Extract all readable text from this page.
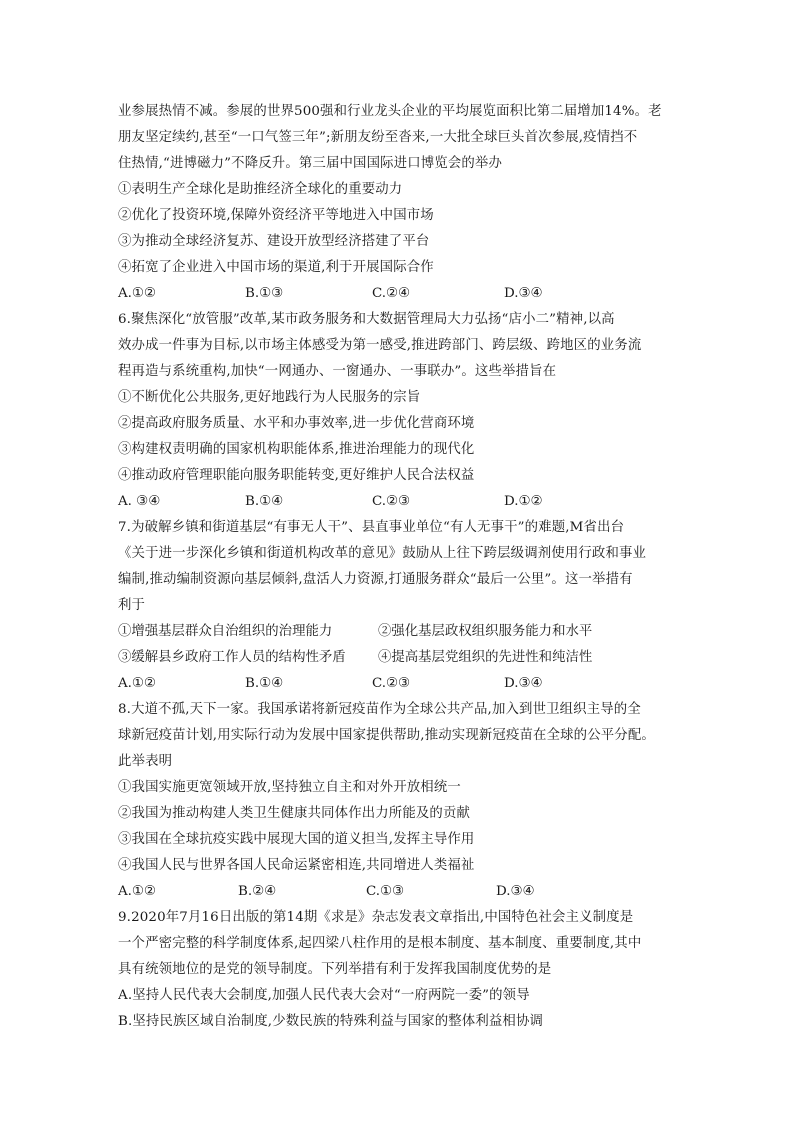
业参展热情不减。参展的世界500强和行业龙头企业的平均展览面积比第二届增加14%。老
朋友坚定续约,甚至“一口气签三年”;新朋友纷至沓来,一大批全球巨头首次参展,疫情挡不
住热情,“进博磁力”不降反升。第三届中国国际进口博览会的举办
①表明生产全球化是助推经济全球化的重要动力
②优化了投资环境,保障外资经济平等地进入中国市场
③为推动全球经济复苏、建设开放型经济搭建了平台
④拓宽了企业进入中国市场的渠道,利于开展国际合作
A.①②	B.①③	C.②④	D.③④
6.聚焦深化“放管服”改革,某市政务服务和大数据管理局大力弘扬“店小二”精神,以高
效办成一件事为目标,以市场主体感受为第一感受,推进跨部门、跨层级、跨地区的业务流
程再造与系统重构,加快“一网通办、一窗通办、一事联办”。这些举措旨在
①不断优化公共服务,更好地践行为人民服务的宗旨
②提高政府服务质量、水平和办事效率,进一步优化营商环境
③构建权责明确的国家机构职能体系,推进治理能力的现代化
④推动政府管理职能向服务职能转变,更好维护人民合法权益
A. ③④	B.①④	C.②③	D.①②
7.为破解乡镇和街道基层“有事无人干”、县直事业单位“有人无事干”的难题,M省出台
《关于进一步深化乡镇和街道机构改革的意见》鼓励从上往下跨层级调剂使用行政和事业
编制,推动编制资源向基层倾斜,盘活人力资源,打通服务群众“最后一公里”。这一举措有
利于
①增强基层群众自治组织的治理能力	②强化基层政权组织服务能力和水平
③缓解县乡政府工作人员的结构性矛盾 ④提高基层党组织的先进性和纯洁性
A.①②	B.①④	C.②③	D.③④
8.大道不孤,天下一家。我国承诺将新冠疫苗作为全球公共产品,加入到世卫组织主导的全
球新冠疫苗计划,用实际行动为发展中国家提供帮助,推动实现新冠疫苗在全球的公平分配。
此举表明
①我国实施更宽领域开放,坚持独立自主和对外开放相统一
②我国为推动构建人类卫生健康共同体作出力所能及的贡献
③我国在全球抗疫实践中展现大国的道义担当,发挥主导作用
④我国人民与世界各国人民命运紧密相连,共同增进人类福祉
A.①②	B.②④	C.①③	D.③④
9.2020年7月16日出版的第14期《求是》杂志发表文章指出,中国特色社会主义制度是
一个严密完整的科学制度体系,起四梁八柱作用的是根本制度、基本制度、重要制度,其中
具有统领地位的是党的领导制度。下列举措有利于发挥我国制度优势的是
A.坚持人民代表大会制度,加强人民代表大会对“一府两院一委”的领导
B.坚持民族区域自治制度,少数民族的特殊利益与国家的整体利益相协调
